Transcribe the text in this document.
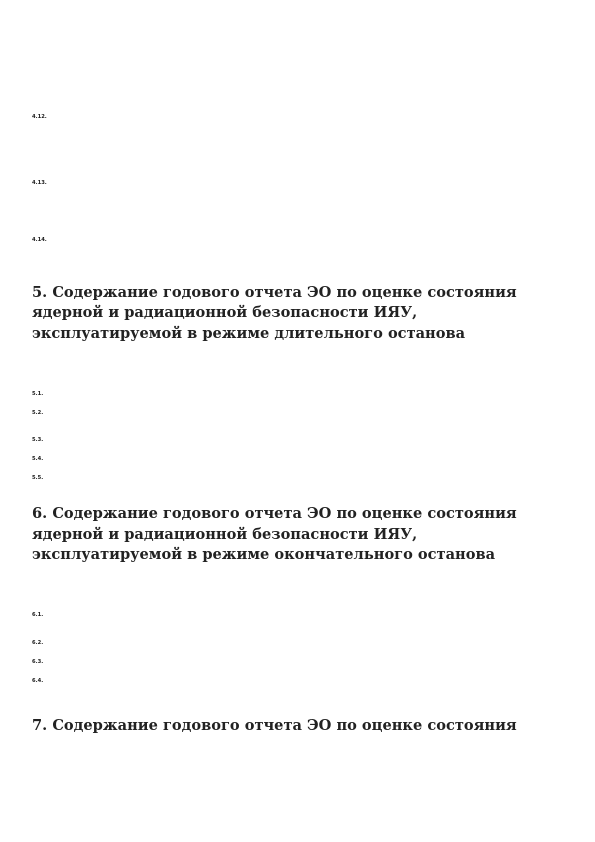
4.12.

4.13.

4.14.

5. Содержание годового отчета ЭО по оценке состояния ядерной и радиационной безопасности ИЯУ, эксплуатируемой в режиме длительного останова

5.1.

5.2.

5.3.

5.4.

5.5.

6. Содержание годового отчета ЭО по оценке состояния ядерной и радиационной безопасности ИЯУ, эксплуатируемой в режиме окончательного останова

6.1.

6.2.

6.3.

6.4.

7. Содержание годового отчета ЭО по оценке состояния
